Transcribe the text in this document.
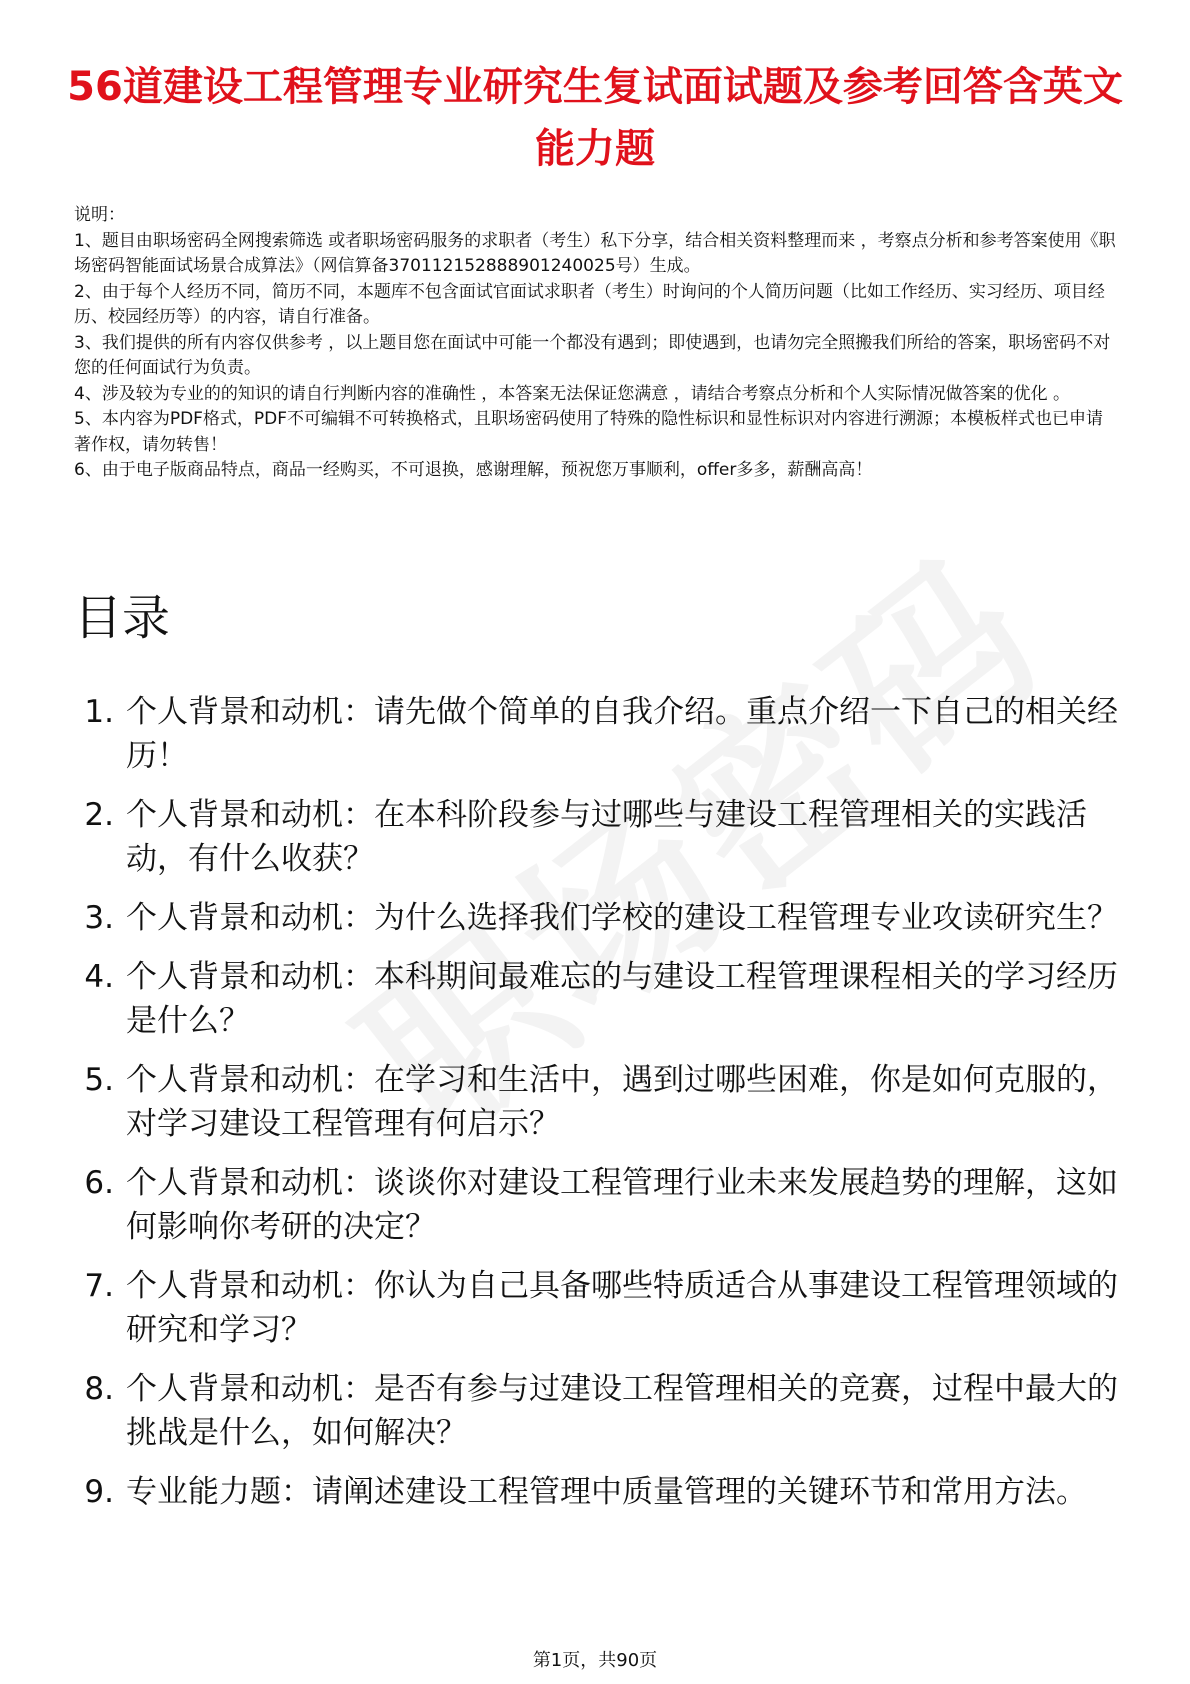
56道建设工程管理专业研究生复试面试题及参考回答含英文能力题

说明：

1、题目由职场密码全网搜索筛选 或者职场密码服务的求职者（考生）私下分享，结合相关资料整理而来 ，考察点分析和参考答案使用《职场密码智能面试场景合成算法》（网信算备370112152888901240025号）生成。

2、由于每个人经历不同，简历不同，本题库不包含面试官面试求职者（考生）时询问的个人简历问题（比如工作经历、实习经历、项目经历、校园经历等）的内容，请自行准备。

3、我们提供的所有内容仅供参考 ，以上题目您在面试中可能一个都没有遇到；即使遇到，也请勿完全照搬我们所给的答案，职场密码不对您的任何面试行为负责。

4、涉及较为专业的的知识的请自行判断内容的准确性 ，本答案无法保证您满意 ，请结合考察点分析和个人实际情况做答案的优化 。

5、本内容为PDF格式，PDF不可编辑不可转换格式，且职场密码使用了特殊的隐性标识和显性标识对内容进行溯源；本模板样式也已申请著作权，请勿转售！

6、由于电子版商品特点，商品一经购买，不可退换，感谢理解，预祝您万事顺利，offer多多，薪酬高高！

目录
1. 个人背景和动机：请先做个简单的自我介绍。重点介绍一下自己的相关经历！
2. 个人背景和动机：在本科阶段参与过哪些与建设工程管理相关的实践活动，有什么收获？
3. 个人背景和动机：为什么选择我们学校的建设工程管理专业攻读研究生？
4. 个人背景和动机：本科期间最难忘的与建设工程管理课程相关的学习经历是什么？
5. 个人背景和动机：在学习和生活中，遇到过哪些困难，你是如何克服的，对学习建设工程管理有何启示？
6. 个人背景和动机：谈谈你对建设工程管理行业未来发展趋势的理解，这如何影响你考研的决定？
7. 个人背景和动机：你认为自己具备哪些特质适合从事建设工程管理领域的研究和学习？
8. 个人背景和动机：是否有参与过建设工程管理相关的竞赛，过程中最大的挑战是什么，如何解决？
9. 专业能力题：请阐述建设工程管理中质量管理的关键环节和常用方法。
第1页，共90页
